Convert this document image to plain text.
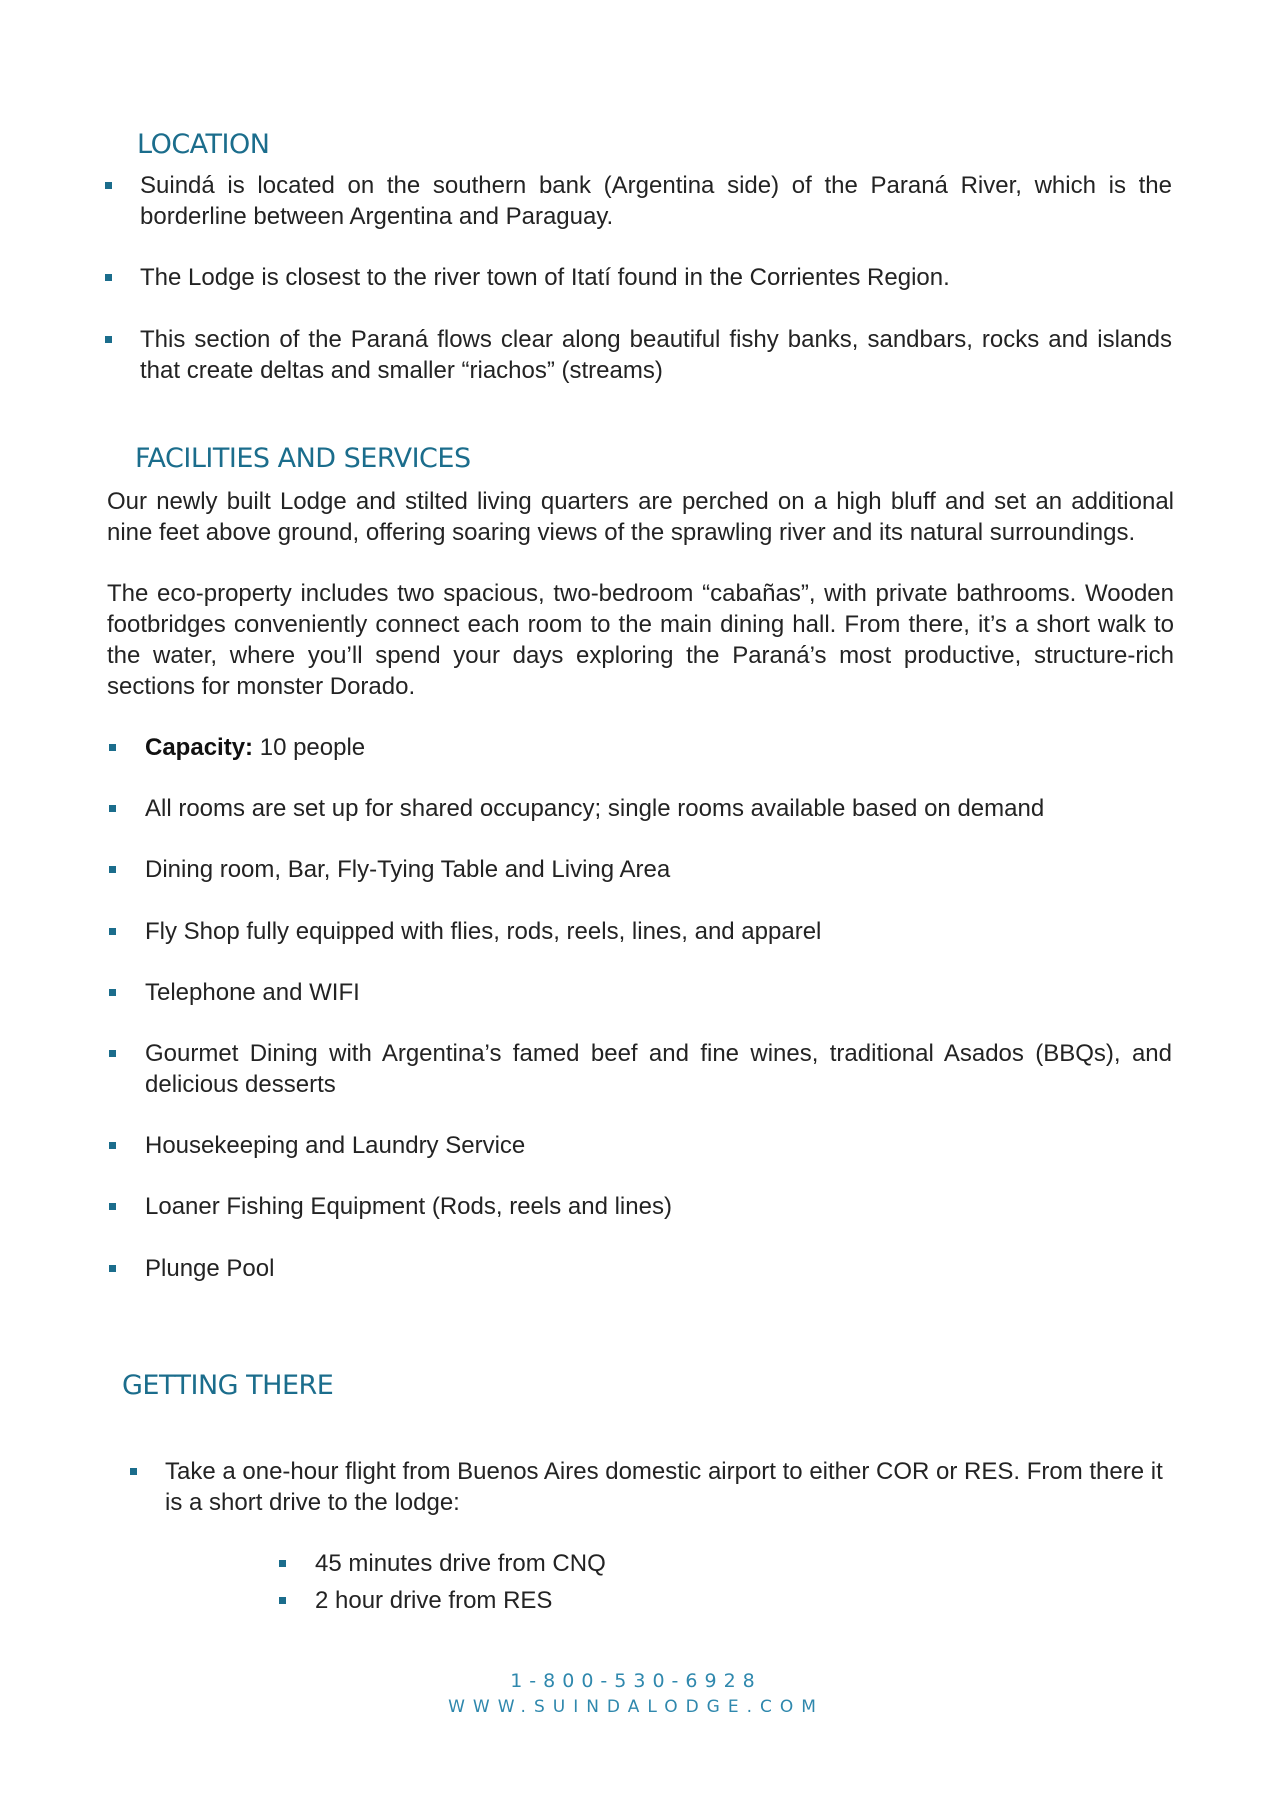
LOCATION
Suindá is located on the southern bank (Argentina side) of the Paraná River, which is the borderline between Argentina and Paraguay.
The Lodge is closest to the river town of Itatí found in the Corrientes Region.
This section of the Paraná flows clear along beautiful fishy banks, sandbars, rocks and islands that create deltas and smaller “riachos” (streams)
FACILITIES AND SERVICES

Our newly built Lodge and stilted living quarters are perched on a high bluff and set an additional nine feet above ground, offering soaring views of the sprawling river and its natural surroundings.

The eco-property includes two spacious, two-bedroom “cabañas”, with private bathrooms. Wooden footbridges conveniently connect each room to the main dining hall. From there, it’s a short walk to the water, where you’ll spend your days exploring the Paraná’s most productive, structure-rich sections for monster Dorado.

Capacity: 10 people
All rooms are set up for shared occupancy; single rooms available based on demand
Dining room, Bar, Fly-Tying Table and Living Area
Fly Shop fully equipped with flies, rods, reels, lines, and apparel
Telephone and WIFI
Gourmet Dining with Argentina’s famed beef and fine wines, traditional Asados (BBQs), and delicious desserts
Housekeeping and Laundry Service
Loaner Fishing Equipment (Rods, reels and lines)
Plunge Pool
GETTING THERE
Take a one-hour flight from Buenos Aires domestic airport to either COR or RES. From there it is a short drive to the lodge:
45 minutes drive from CNQ
2 hour drive from RES
1-800-530-6928
WWW.SUINDALODGE.COM
